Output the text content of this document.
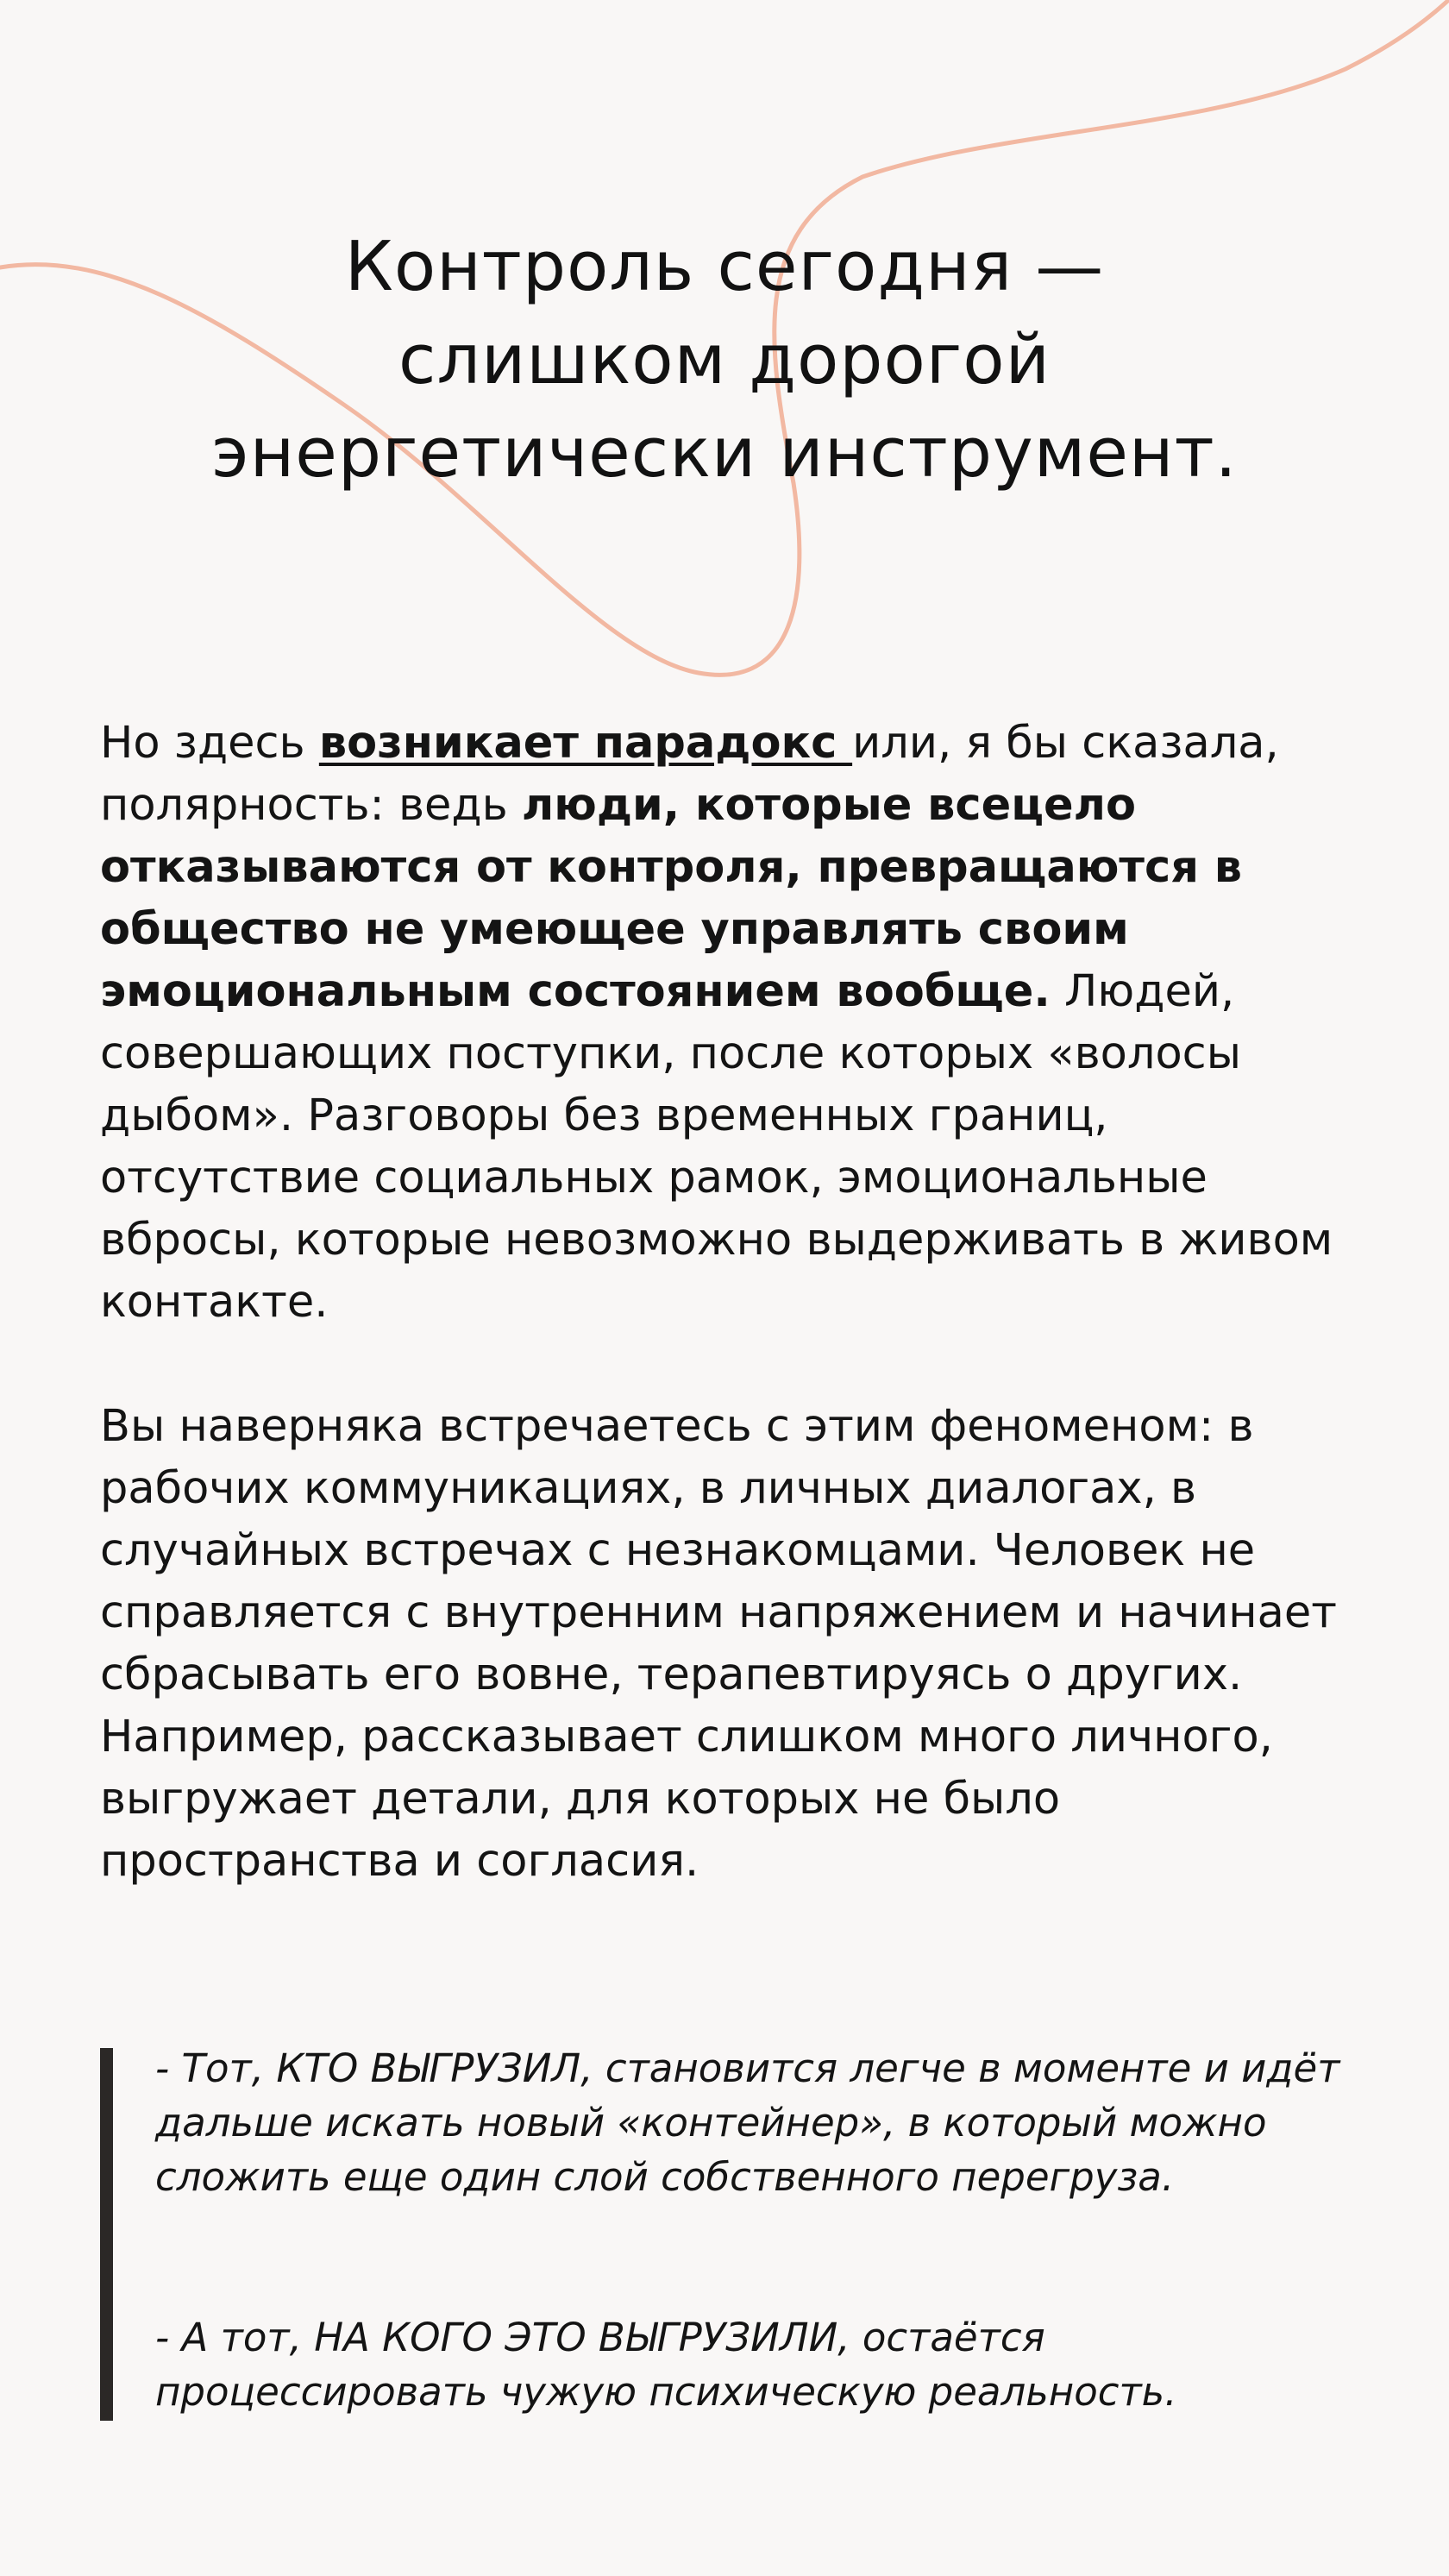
Контроль сегодня —
слишком дорогой
энергетически инструмент.

Но здесь возникает парадокс или, я бы сказала, полярность: ведь люди, которые всецело отказываются от контроля, превращаются в общество не умеющее управлять своим эмоциональным состоянием вообще. Людей, совершающих поступки, после которых «волосы дыбом». Разговоры без временных границ, отсутствие социальных рамок, эмоциональные вбросы, которые невозможно выдерживать в живом контакте.

Вы наверняка встречаетесь с этим феноменом: в рабочих коммуникациях, в личных диалогах, в случайных встречах с незнакомцами. Человек не справляется с внутренним напряжением и начинает сбрасывать его вовне, терапевтируясь о других. Например, рассказывает слишком много личного, выгружает детали, для которых не было пространства и согласия.

- Тот, КТО ВЫГРУЗИЛ, становится легче в моменте и идёт дальше искать новый «контейнер», в который можно сложить еще один слой собственного перегруза.

- А тот, НА КОГО ЭТО ВЫГРУЗИЛИ, остаётся процессировать чужую психическую реальность.
